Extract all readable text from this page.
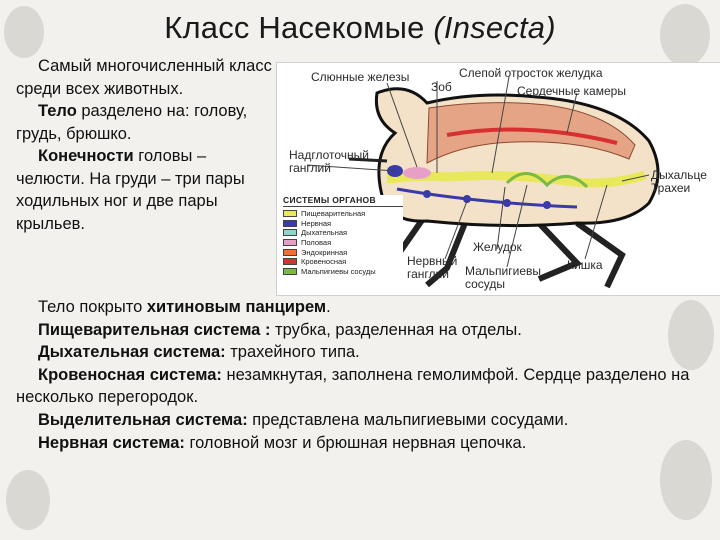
Класс Насекомые (Insecta)

Самый многочисленный класс среди всех животных.

Тело разделено на: голову, грудь, брюшко.

Конечности головы – челюсти. На груди – три пары ходильных ног и две пары крыльев.

Слюнные железы
Зоб
Слепой отросток желудка
Сердечные камеры
Надглоточный
ганглий	Дыхальце
Трахеи
Желудок
Нервный
ганглий	Мальпигиевы
сосуды
Кишка
СИСТЕМЫ ОРГАНОВ
Пищеварительная
Нервная
Дыхательная
Половая
Эндокринная
Кровеносная
Мальпигиевы сосуды

Тело покрыто хитиновым панцирем.

Пищеварительная система : трубка, разделенная на отделы.

Дыхательная система: трахейного типа.

Кровеносная система: незамкнутая, заполнена гемолимфой. Сердце разделено на несколько перегородок.

Выделительная система: представлена мальпигиевыми сосудами.

Нервная система: головной мозг и брюшная нервная цепочка.
